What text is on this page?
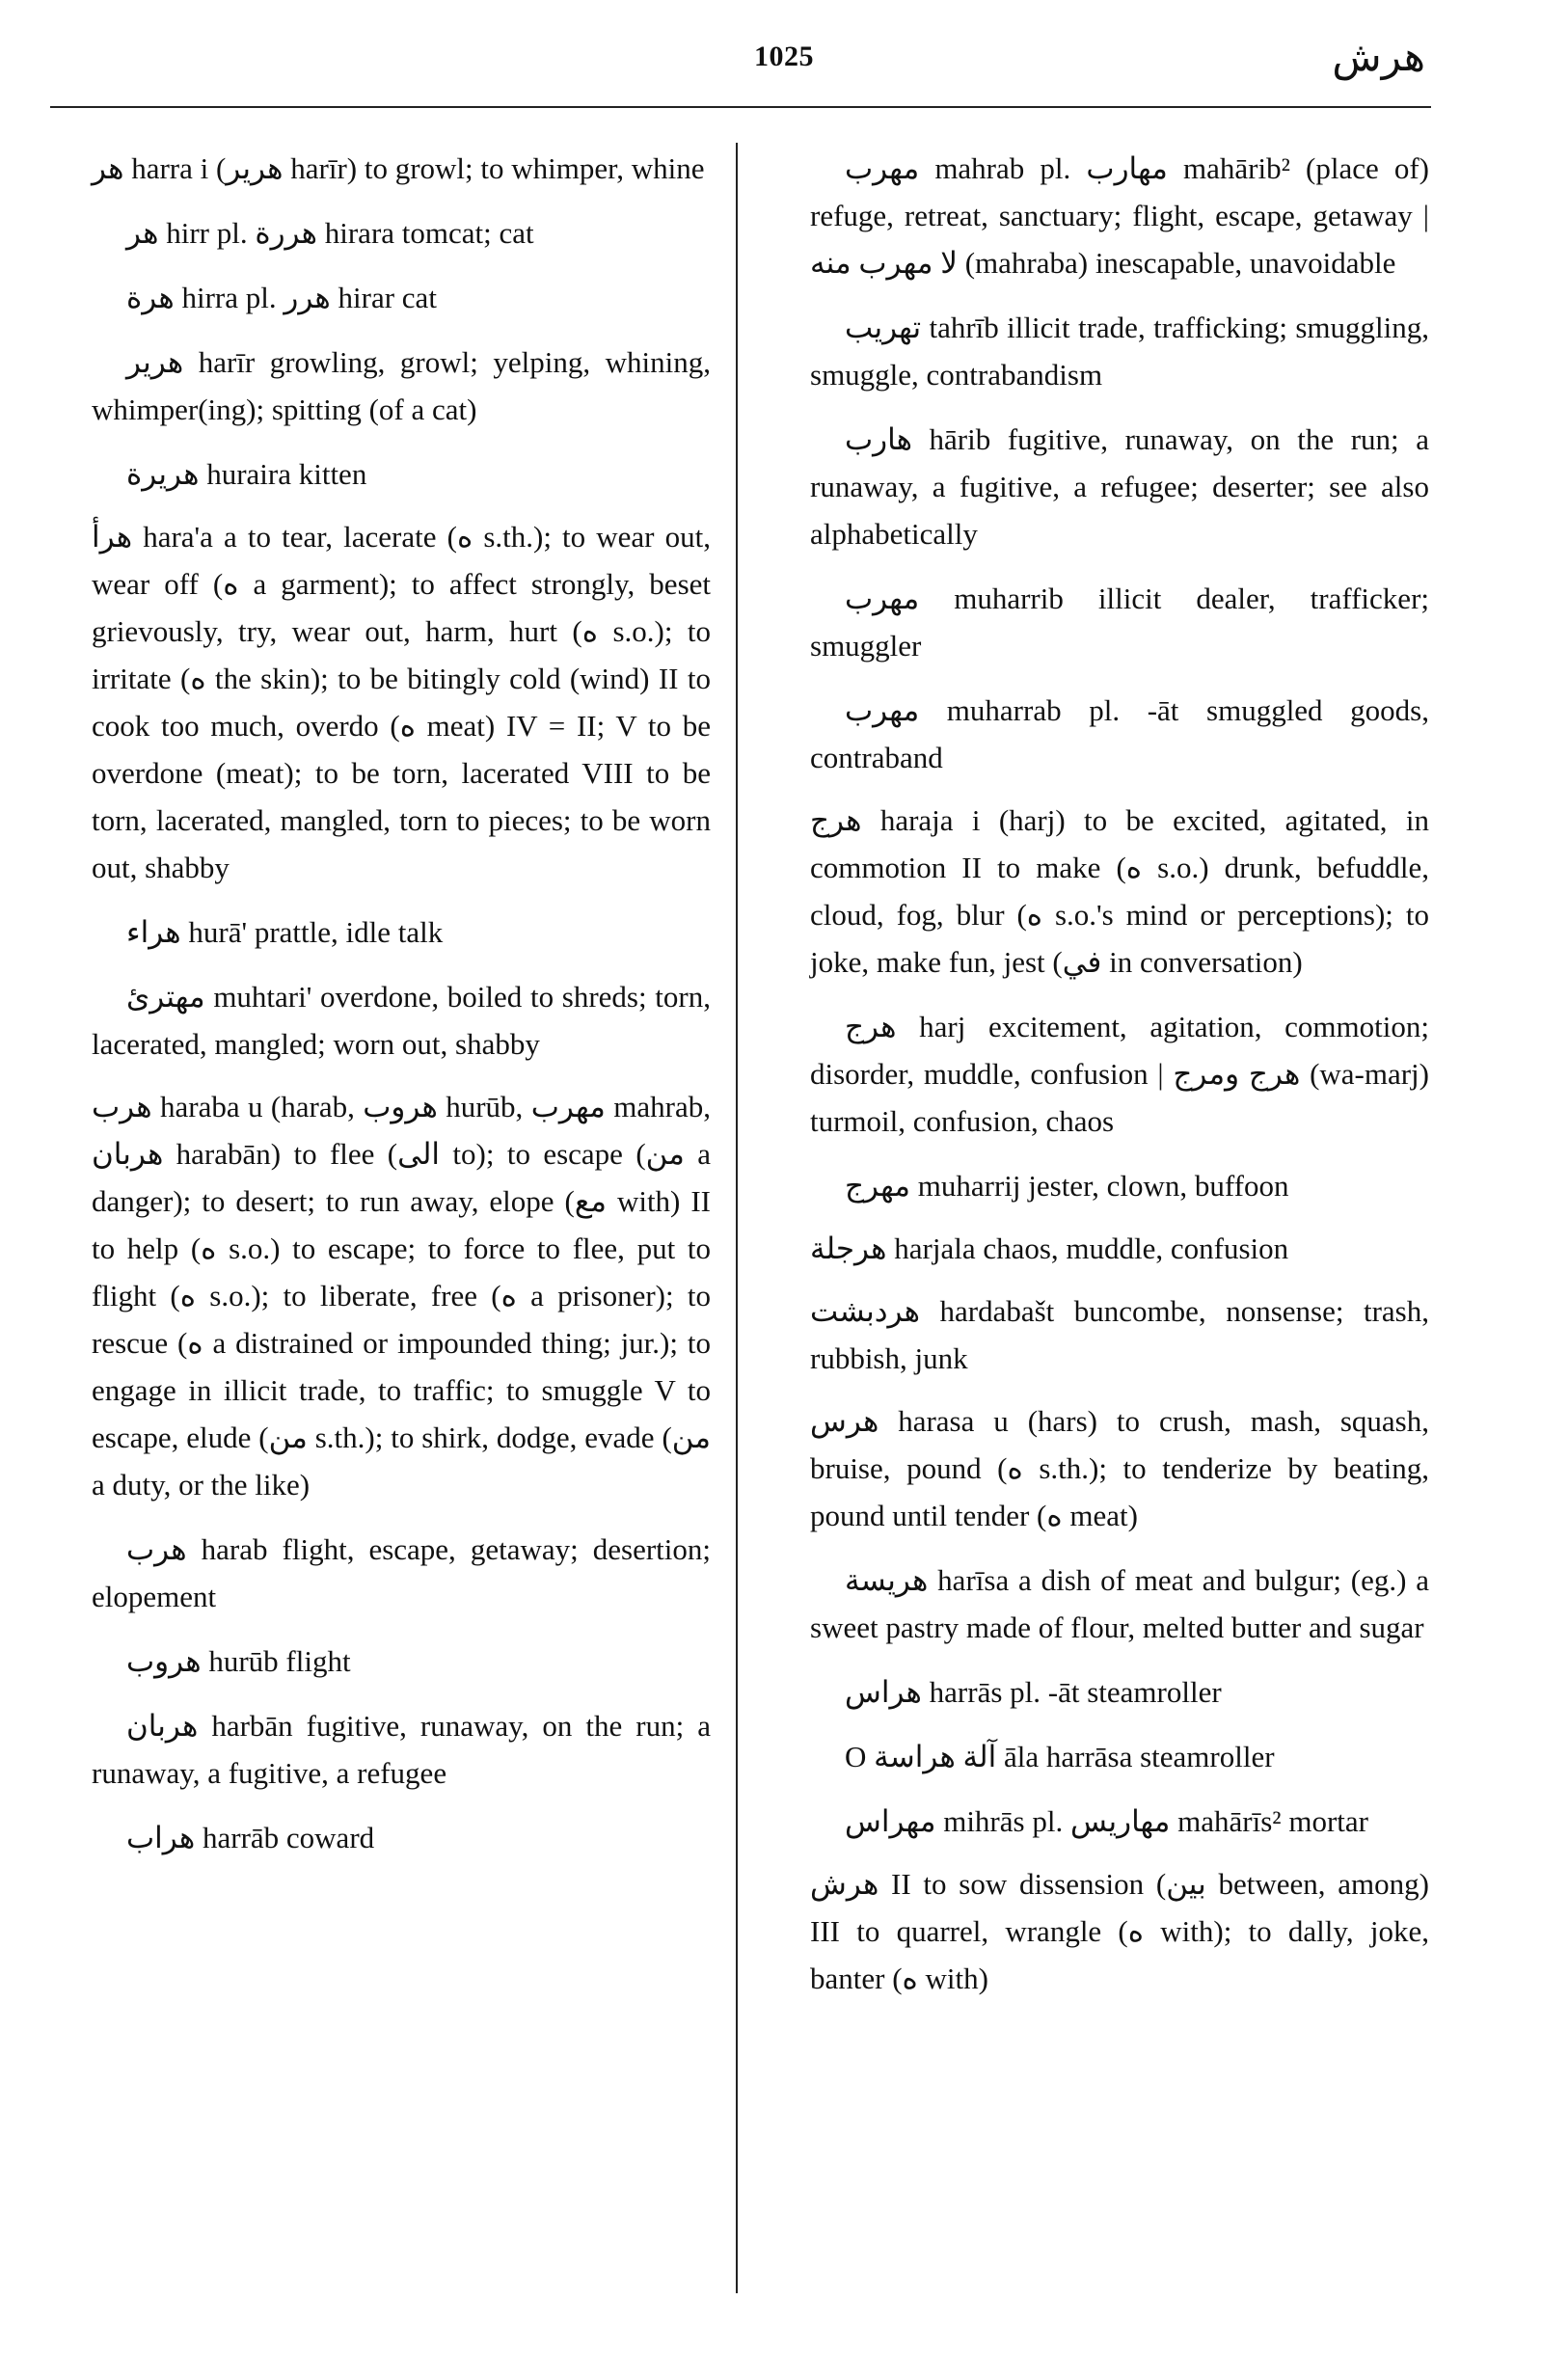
1025	هرش
هر harra i (هرير harīr) to growl; to whimper, whine
هر hirr pl. هررة hirara tomcat; cat
هرة hirra pl. هرر hirar cat
هرير harīr growling, growl; yelping, whining, whimper(ing); spitting (of a cat)
هريرة huraira kitten
هرأ hara'a a to tear, lacerate (ه s.th.); to wear out, wear off (ه a garment); to affect strongly, beset grievously, try, wear out, harm, hurt (ه s.o.); to irritate (ه the skin); to be bitingly cold (wind) II to cook too much, overdo (ه meat) IV = II; V to be overdone (meat); to be torn, lacerated VIII to be torn, lacerated, mangled, torn to pieces; to be worn out, shabby
هراء hurā' prattle, idle talk
مهترئ muhtari' overdone, boiled to shreds; torn, lacerated, mangled; worn out, shabby
هرب haraba u (harab, هروب hurūb, مهرب mahrab, هربان harabān) to flee (الى to); to escape (من a danger); to desert; to run away, elope (مع with) II to help (ه s.o.) to escape; to force to flee, put to flight (ه s.o.); to liberate, free (ه a prisoner); to rescue (ه a distrained or impounded thing; jur.); to engage in illicit trade, to traffic; to smuggle V to escape, elude (من s.th.); to shirk, dodge, evade (من a duty, or the like)
هرب harab flight, escape, getaway; desertion; elopement
هروب hurūb flight
هربان harbān fugitive, runaway, on the run; a runaway, a fugitive, a refugee
هراب harrāb coward
مهرب mahrab pl. مهارب mahārib² (place of) refuge, retreat, sanctuary; flight, escape, getaway | لا مهرب منه (mahraba) inescapable, unavoidable
تهريب tahrīb illicit trade, trafficking; smuggling, smuggle, contrabandism
هارب hārib fugitive, runaway, on the run; a runaway, a fugitive, a refugee; deserter; see also alphabetically
مهرب muharrib illicit dealer, trafficker; smuggler
مهرب muharrab pl. -āt smuggled goods, contraband
هرج haraja i (harj) to be excited, agitated, in commotion II to make (ه s.o.) drunk, befuddle, cloud, fog, blur (ه s.o.'s mind or perceptions); to joke, make fun, jest (في in conversation)
هرج harj excitement, agitation, commotion; disorder, muddle, confusion | هرج ومرج (wa-marj) turmoil, confusion, chaos
مهرج muharrij jester, clown, buffoon
هرجلة harjala chaos, muddle, confusion
هردبشت hardabašt buncombe, nonsense; trash, rubbish, junk
هرس harasa u (hars) to crush, mash, squash, bruise, pound (ه s.th.); to tenderize by beating, pound until tender (ه meat)
هريسة harīsa a dish of meat and bulgur; (eg.) a sweet pastry made of flour, melted butter and sugar
هراس harrās pl. -āt steamroller
O آلة هراسة āla harrāsa steamroller
مهراس mihrās pl. مهاريس mahārīs² mortar
هرش II to sow dissension (بين between, among) III to quarrel, wrangle (ه with); to dally, joke, banter (ه with)
